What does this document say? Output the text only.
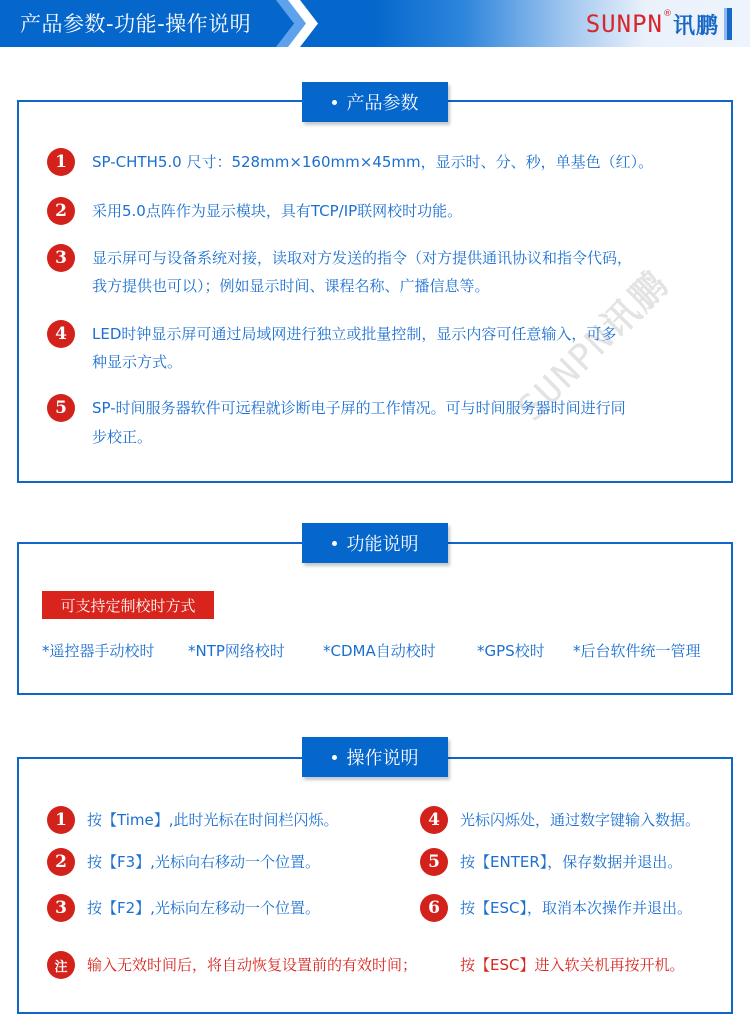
产品参数-功能-操作说明	SUNPN ® 讯鹏
SUNPN讯鹏
产品参数
1	SP-CHTH5.0 尺寸：528mm×160mm×45mm，显示时、分、秒，单基色（红）。
2	采用5.0点阵作为显示模块，具有TCP/IP联网校时功能。
3	显示屏可与设备系统对接，读取对方发送的指令（对方提供通讯协议和指令代码，
我方提供也可以）；例如显示时间、课程名称、广播信息等。
4	LED时钟显示屏可通过局域网进行独立或批量控制，显示内容可任意输入，可多
种显示方式。
5	SP-时间服务器软件可远程就诊断电子屏的工作情况。可与时间服务器时间进行同
步校正。
功能说明
可支持定制校时方式
*遥控器手动校时 *NTP网络校时	*CDMA自动校时	*GPS校时 *后台软件统一管理
操作说明
1	按【Time】,此时光标在时间栏闪烁。
2	按【F3】,光标向右移动一个位置。
3	按【F2】,光标向左移动一个位置。
4	光标闪烁处，通过数字键输入数据。
5	按【ENTER】，保存数据并退出。
6	按【ESC】，取消本次操作并退出。
注	输入无效时间后，将自动恢复设置前的有效时间；	按【ESC】进入软关机再按开机。
